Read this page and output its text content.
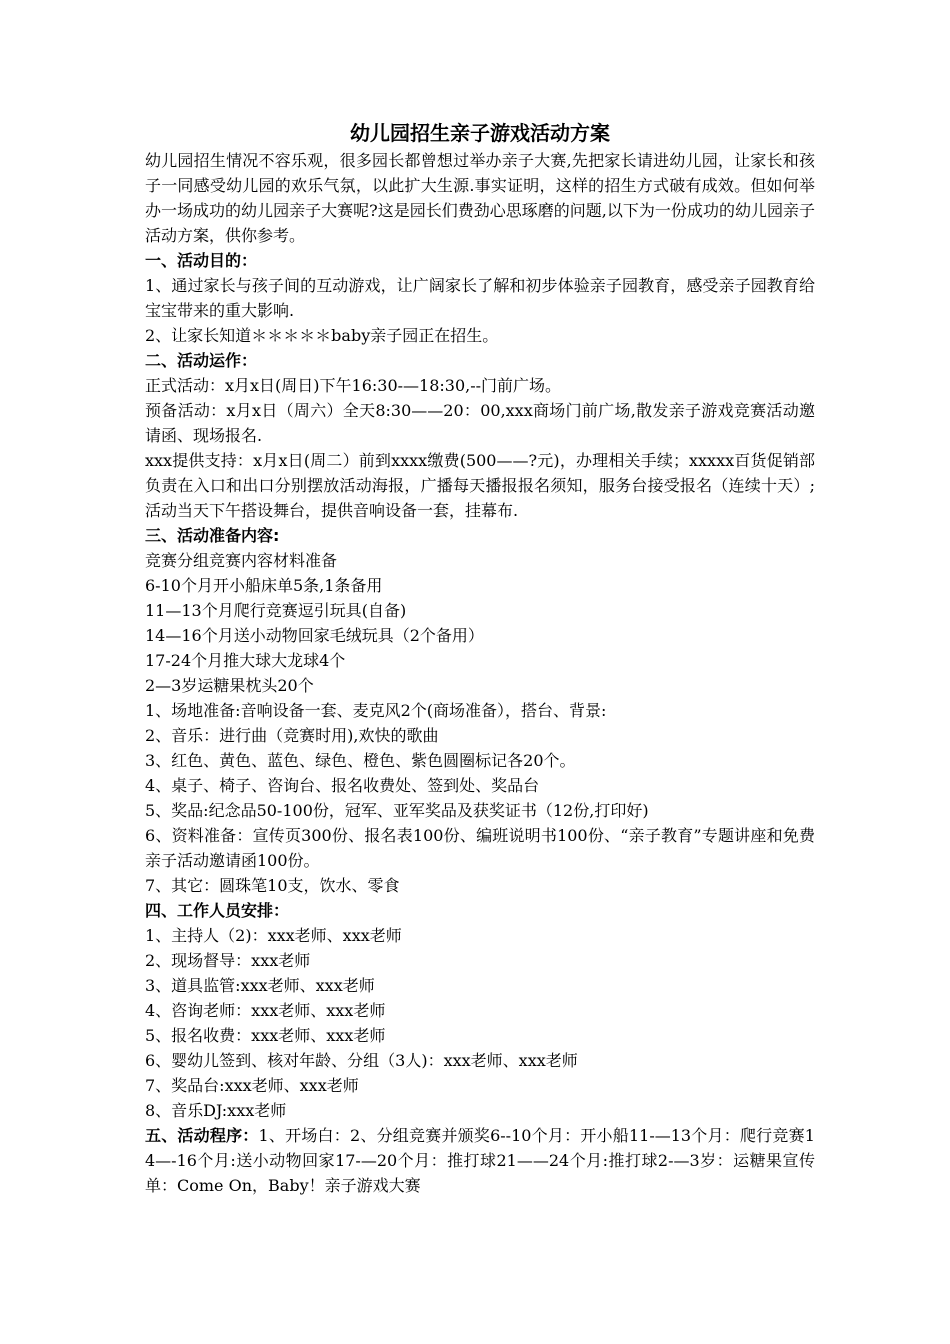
幼儿园招生亲子游戏活动方案
幼儿园招生情况不容乐观，很多园长都曾想过举办亲子大赛,先把家长请进幼儿园，让家长和孩子一同感受幼儿园的欢乐气氛，以此扩大生源.事实证明，这样的招生方式破有成效。但如何举办一场成功的幼儿园亲子大赛呢?这是园长们费劲心思琢磨的问题,以下为一份成功的幼儿园亲子活动方案，供你参考。
一、活动目的：
1、通过家长与孩子间的互动游戏，让广阔家长了解和初步体验亲子园教育，感受亲子园教育给宝宝带来的重大影响.
2、让家长知道＊＊＊＊＊baby亲子园正在招生。
二、活动运作：
正式活动：x月x日(周日)下午16:30-—18:30,--门前广场。
预备活动：x月x日（周六）全天8:30——20：00,xxx商场门前广场,散发亲子游戏竞赛活动邀请函、现场报名.
xxx提供支持：x月x日(周二）前到xxxx缴费(500——?元)，办理相关手续；xxxxx百货促销部负责在入口和出口分别摆放活动海报，广播每天播报报名须知，服务台接受报名（连续十天）;活动当天下午搭设舞台，提供音响设备一套，挂幕布.
三、活动准备内容:
竞赛分组竞赛内容材料准备
6-10个月开小船床单5条,1条备用
11—13个月爬行竞赛逗引玩具(自备)
14—16个月送小动物回家毛绒玩具（2个备用）
17-24个月推大球大龙球4个
2—3岁运糖果枕头20个
1、场地准备:音响设备一套、麦克风2个(商场准备），搭台、背景:
2、音乐：进行曲（竞赛时用),欢快的歌曲
3、红色、黄色、蓝色、绿色、橙色、紫色圆圈标记各20个。
4、桌子、椅子、咨询台、报名收费处、签到处、奖品台
5、奖品:纪念品50-100份，冠军、亚军奖品及获奖证书（12份,打印好)
6、资料准备：宣传页300份、报名表100份、编班说明书100份、“亲子教育”专题讲座和免费亲子活动邀请函100份。
7、其它：圆珠笔10支，饮水、零食
四、工作人员安排：
1、主持人（2)：xxx老师、xxx老师
2、现场督导：xxx老师
3、道具监管:xxx老师、xxx老师
4、咨询老师：xxx老师、xxx老师
5、报名收费：xxx老师、xxx老师
6、婴幼儿签到、核对年龄、分组（3人)：xxx老师、xxx老师
7、奖品台:xxx老师、xxx老师
8、音乐DJ:xxx老师
五、活动程序：1、开场白：2、分组竞赛并颁奖6--10个月：开小船11-—13个月：爬行竞赛14—-16个月:送小动物回家17-—20个月：推打球21——24个月:推打球2-—3岁：运糖果宣传单：Come On，Baby！亲子游戏大赛
